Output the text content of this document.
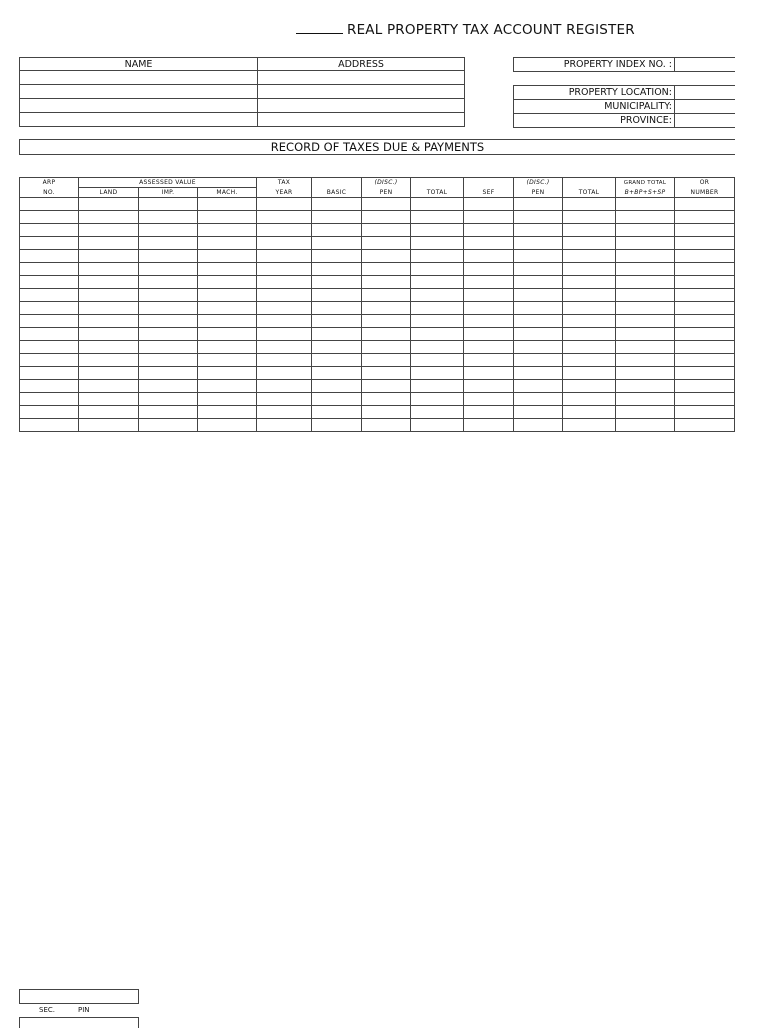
REAL PROPERTY TAX ACCOUNT REGISTER
NAME	ADDRESS

		PROPERTY INDEX NO. :	
PROPERTY LOCATION:	
MUNICIPALITY:	
PROVINCE:	
RECORD OF TAXES DUE & PAYMENTS
ARP	ASSESSED VALUE			TAX		(DISC.)			(DISC.)		GRAND TOTAL	OR
NO.	LAND	IMP.	MACH.	YEAR	BASIC	PEN	TOTAL	SEF	PEN	TOTAL	B+BP+S+SP	NUMBER

SEC.	PIN
